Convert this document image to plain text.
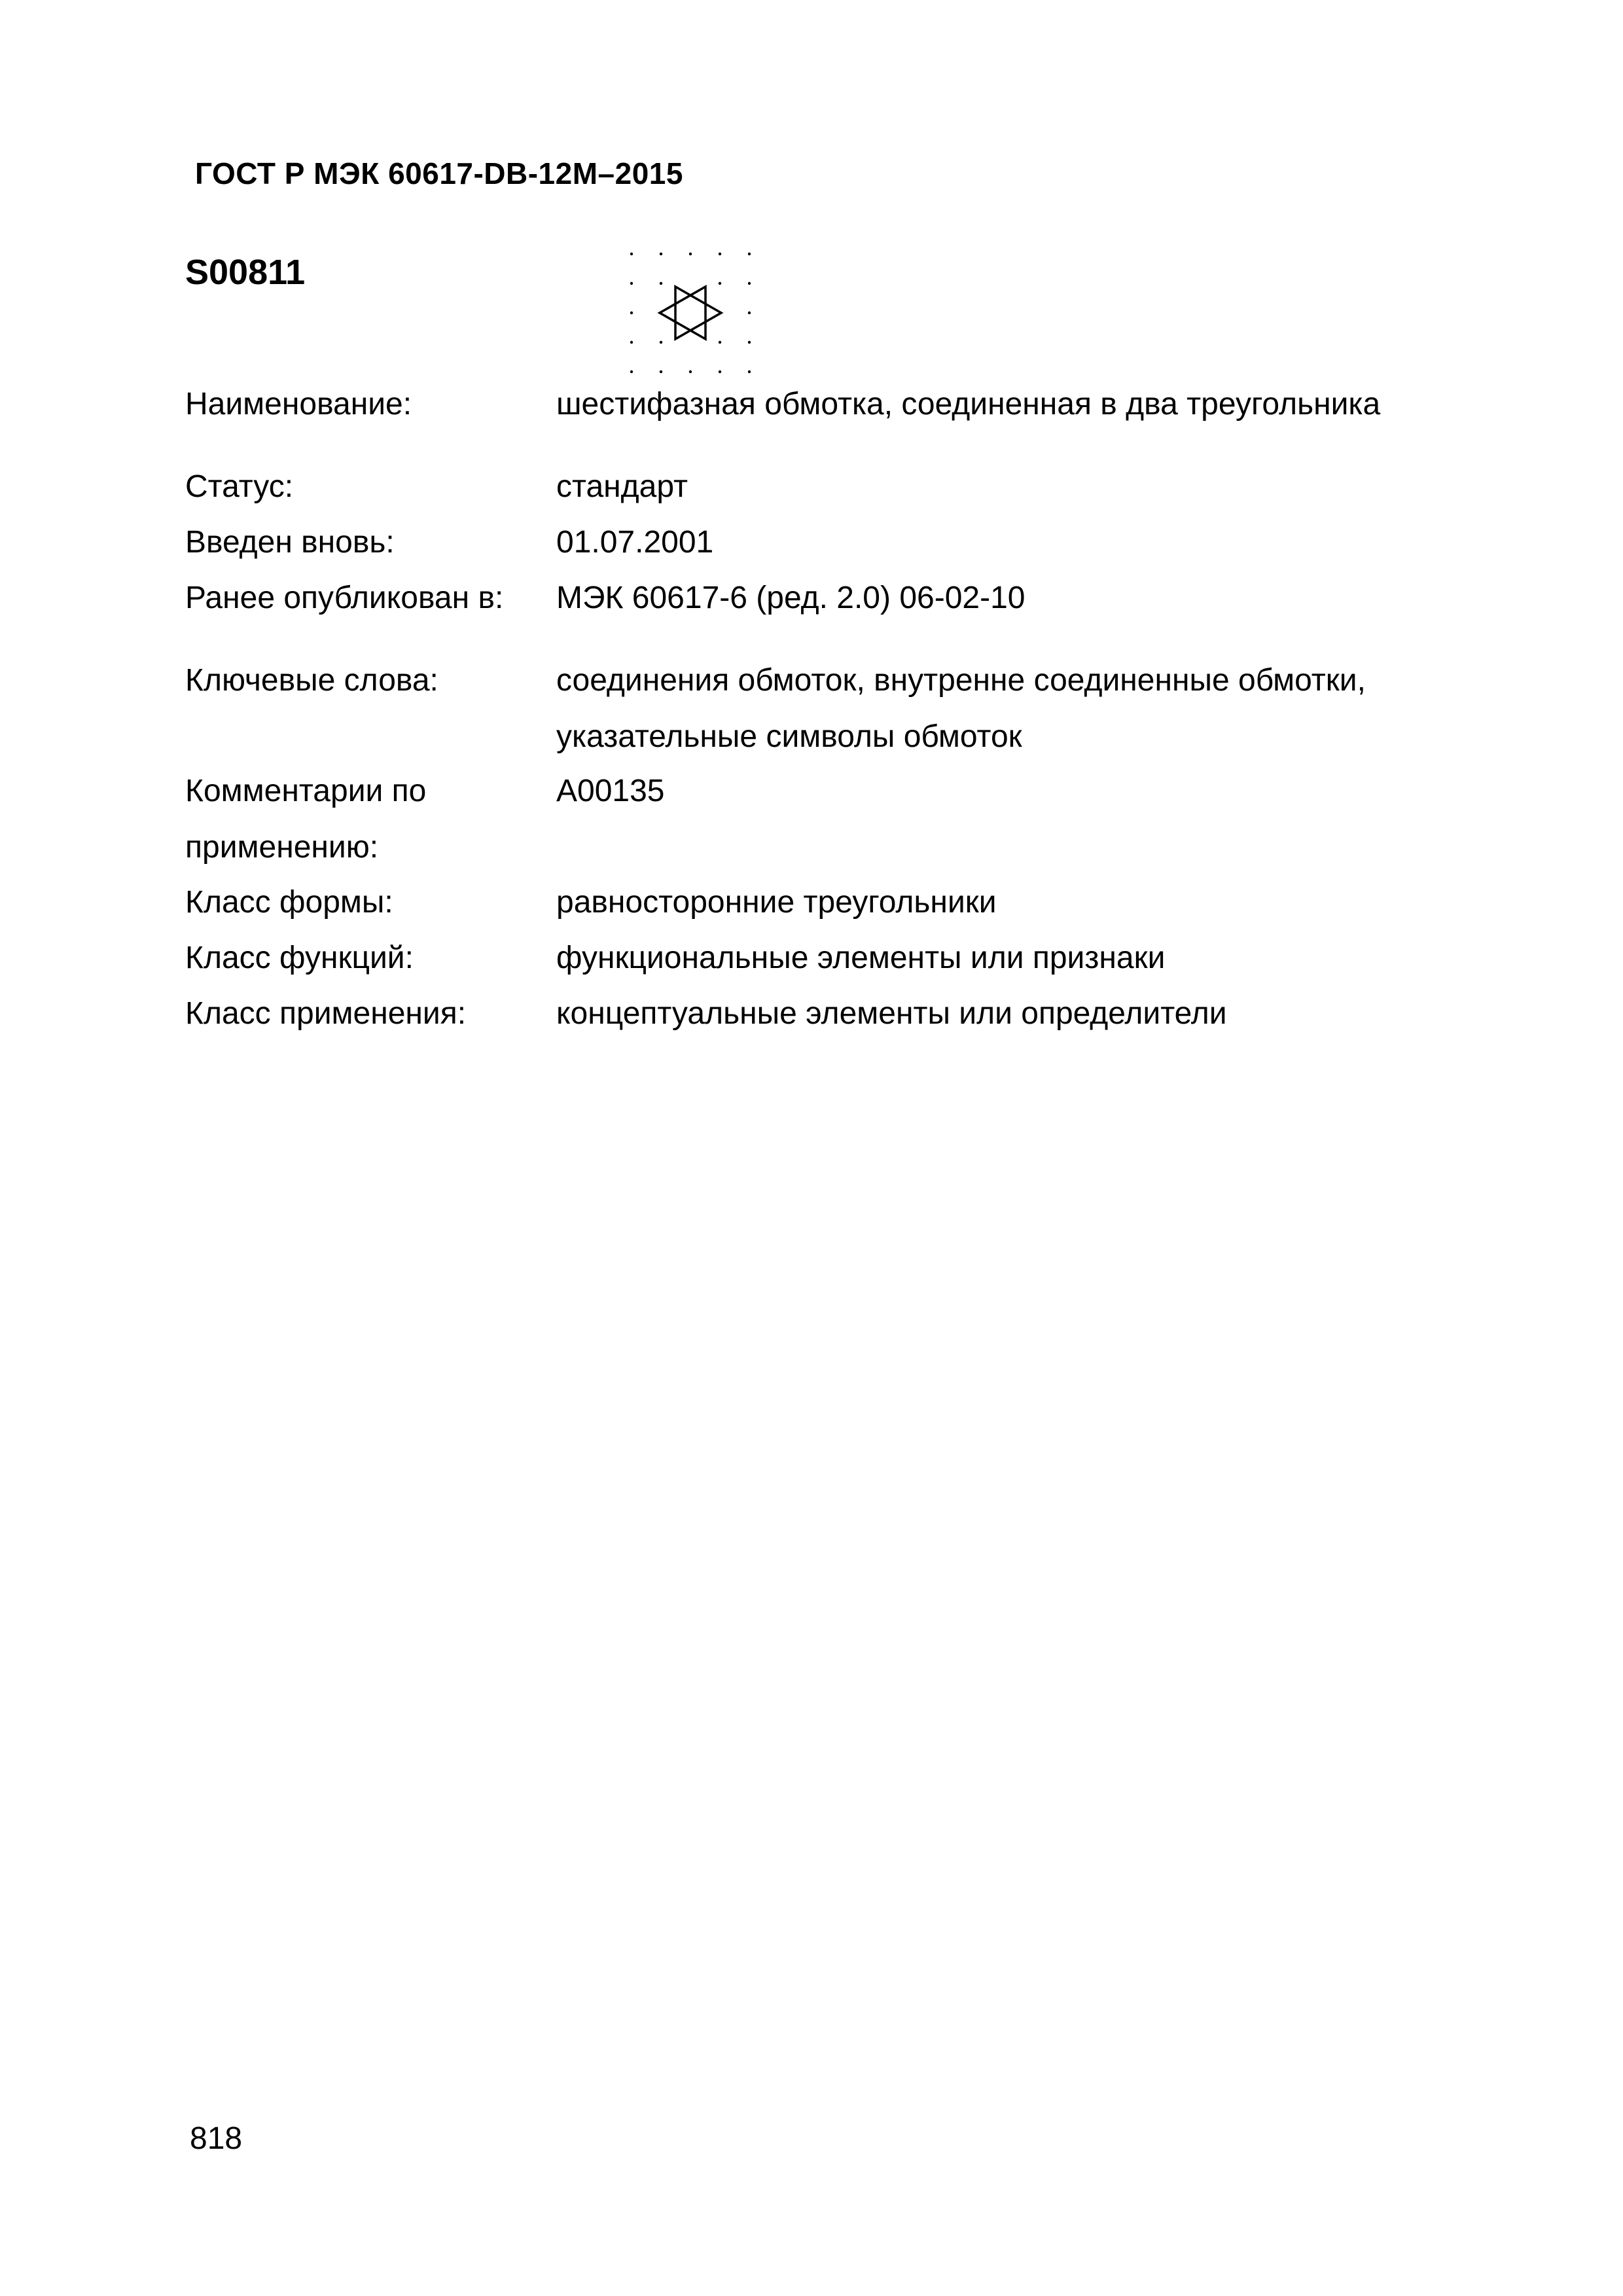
ГОСТ Р МЭК 60617-DB-12М–2015
S00811
Наименование:	шестифазная обмотка, соединенная в два треугольника
Статус:	стандарт
Введен вновь:	01.07.2001
Ранее опубликован в:	МЭК 60617-6 (ред. 2.0) 06-02-10
Ключевые слова:	соединения обмоток, внутренне соединенные обмотки,
указательные символы обмоток
Комментарии по
применению:
A00135
Класс формы:	равносторонние треугольники
Класс функций:	функциональные элементы или признаки
Класс применения:	концептуальные элементы или определители
818
